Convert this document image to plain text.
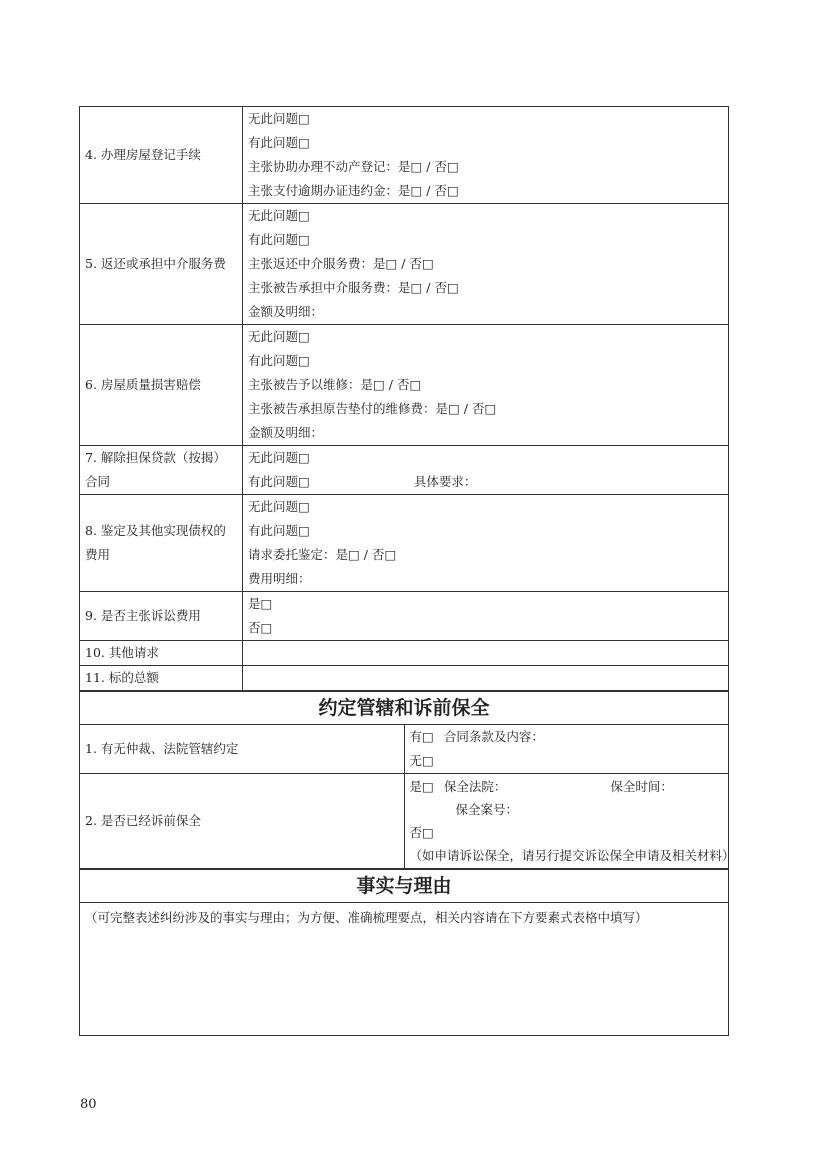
4. 办理房屋登记手续	无此问题□
有此问题□
主张协助办理不动产登记：是□ / 否□
主张支付逾期办证违约金：是□ / 否□

5. 返还或承担中介服务费	无此问题□
有此问题□
主张返还中介服务费：是□ / 否□
主张被告承担中介服务费：是□ / 否□
金额及明细：

6. 房屋质量损害赔偿	无此问题□
有此问题□
主张被告予以维修：是□ / 否□
主张被告承担原告垫付的维修费：是□ / 否□
金额及明细：

7. 解除担保贷款（按揭）合同	无此问题□
有此问题□ 具体要求：

8. 鉴定及其他实现债权的费用	无此问题□
有此问题□
请求委托鉴定：是□ / 否□
费用明细：

9. 是否主张诉讼费用	是□
否□

10. 其他请求	
11. 标的总额	
约定管辖和诉前保全	
1. 有无仲裁、法院管辖约定	有□ 合同条款及内容：
无□

2. 是否已经诉前保全	是□ 保全法院： 保全时间：
保全案号：
否□
（如申请诉讼保全，请另行提交诉讼保全申请及相关材料）
事实与理由
（可完整表述纠纷涉及的事实与理由；为方便、准确梳理要点，相关内容请在下方要素式表格中填写）
80
